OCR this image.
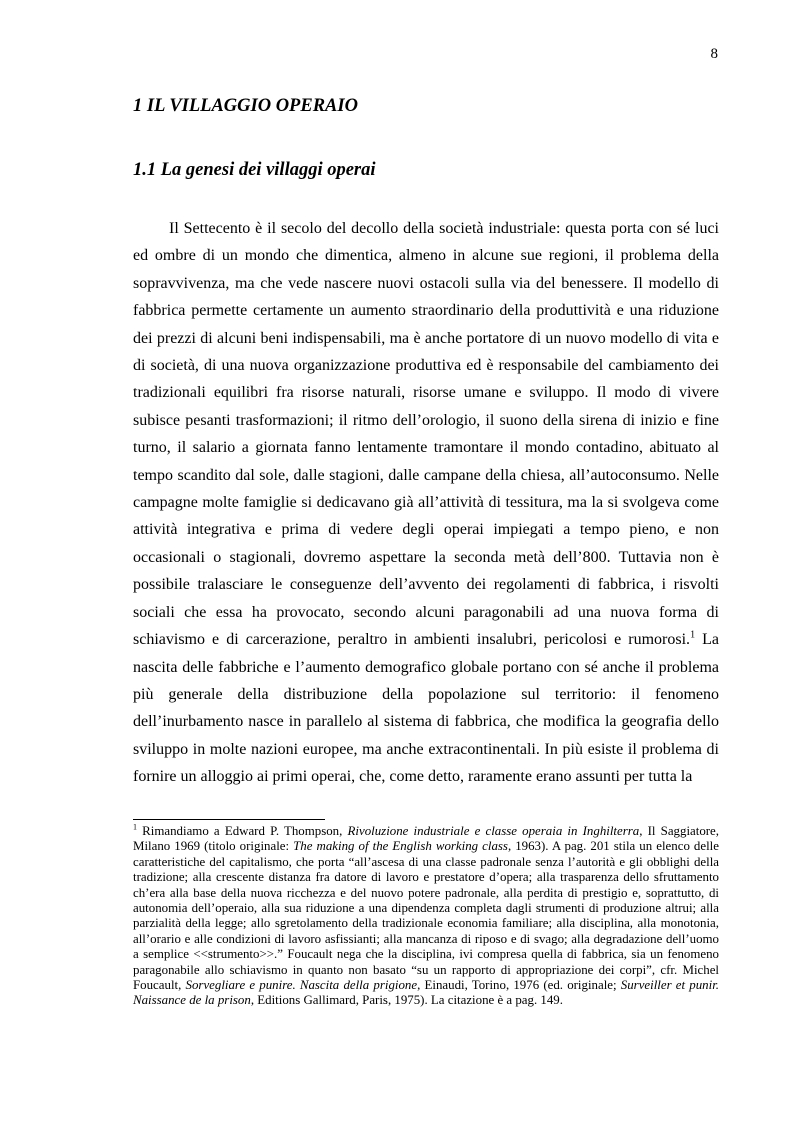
8
1 IL VILLAGGIO OPERAIO
1.1 La genesi dei villaggi operai

Il Settecento è il secolo del decollo della società industriale: questa porta con sé luci ed ombre di un mondo che dimentica, almeno in alcune sue regioni, il problema della sopravvivenza, ma che vede nascere nuovi ostacoli sulla via del benessere. Il modello di fabbrica permette certamente un aumento straordinario della produttività e una riduzione dei prezzi di alcuni beni indispensabili, ma è anche portatore di un nuovo modello di vita e di società, di una nuova organizzazione produttiva ed è responsabile del cambiamento dei tradizionali equilibri fra risorse naturali, risorse umane e sviluppo. Il modo di vivere subisce pesanti trasformazioni; il ritmo dell’orologio, il suono della sirena di inizio e fine turno, il salario a giornata fanno lentamente tramontare il mondo contadino, abituato al tempo scandito dal sole, dalle stagioni, dalle campane della chiesa, all’autoconsumo. Nelle campagne molte famiglie si dedicavano già all’attività di tessitura, ma la si svolgeva come attività integrativa e prima di vedere degli operai impiegati a tempo pieno, e non occasionali o stagionali, dovremo aspettare la seconda metà dell’800. Tuttavia non è possibile tralasciare le conseguenze dell’avvento dei regolamenti di fabbrica, i risvolti sociali che essa ha provocato, secondo alcuni paragonabili ad una nuova forma di schiavismo e di carcerazione, peraltro in ambienti insalubri, pericolosi e rumorosi.$^1$ La nascita delle fabbriche e l’aumento demografico globale portano con sé anche il problema più generale della distribuzione della popolazione sul territorio: il fenomeno dell’inurbamento nasce in parallelo al sistema di fabbrica, che modifica la geografia dello sviluppo in molte nazioni europee, ma anche extracontinentali. In più esiste il problema di fornire un alloggio ai primi operai, che, come detto, raramente erano assunti per tutta la

$^1$ Rimandiamo a Edward P. Thompson, Rivoluzione industriale e classe operaia in Inghilterra, Il Saggiatore, Milano 1969 (titolo originale: The making of the English working class, 1963). A pag. 201 stila un elenco delle caratteristiche del capitalismo, che porta “all’ascesa di una classe padronale senza l’autorità e gli obblighi della tradizione; alla crescente distanza fra datore di lavoro e prestatore d’opera; alla trasparenza dello sfruttamento ch’era alla base della nuova ricchezza e del nuovo potere padronale, alla perdita di prestigio e, soprattutto, di autonomia dell’operaio, alla sua riduzione a una dipendenza completa dagli strumenti di produzione altrui; alla parzialità della legge; allo sgretolamento della tradizionale economia familiare; alla disciplina, alla monotonia, all’orario e alle condizioni di lavoro asfissianti; alla mancanza di riposo e di svago; alla degradazione dell’uomo a semplice <<strumento>>.” Foucault nega che la disciplina, ivi compresa quella di fabbrica, sia un fenomeno paragonabile allo schiavismo in quanto non basato “su un rapporto di appropriazione dei corpi”, cfr. Michel Foucault, Sorvegliare e punire. Nascita della prigione, Einaudi, Torino, 1976 (ed. originale; Surveiller et punir. Naissance de la prison, Editions Gallimard, Paris, 1975). La citazione è a pag. 149.
